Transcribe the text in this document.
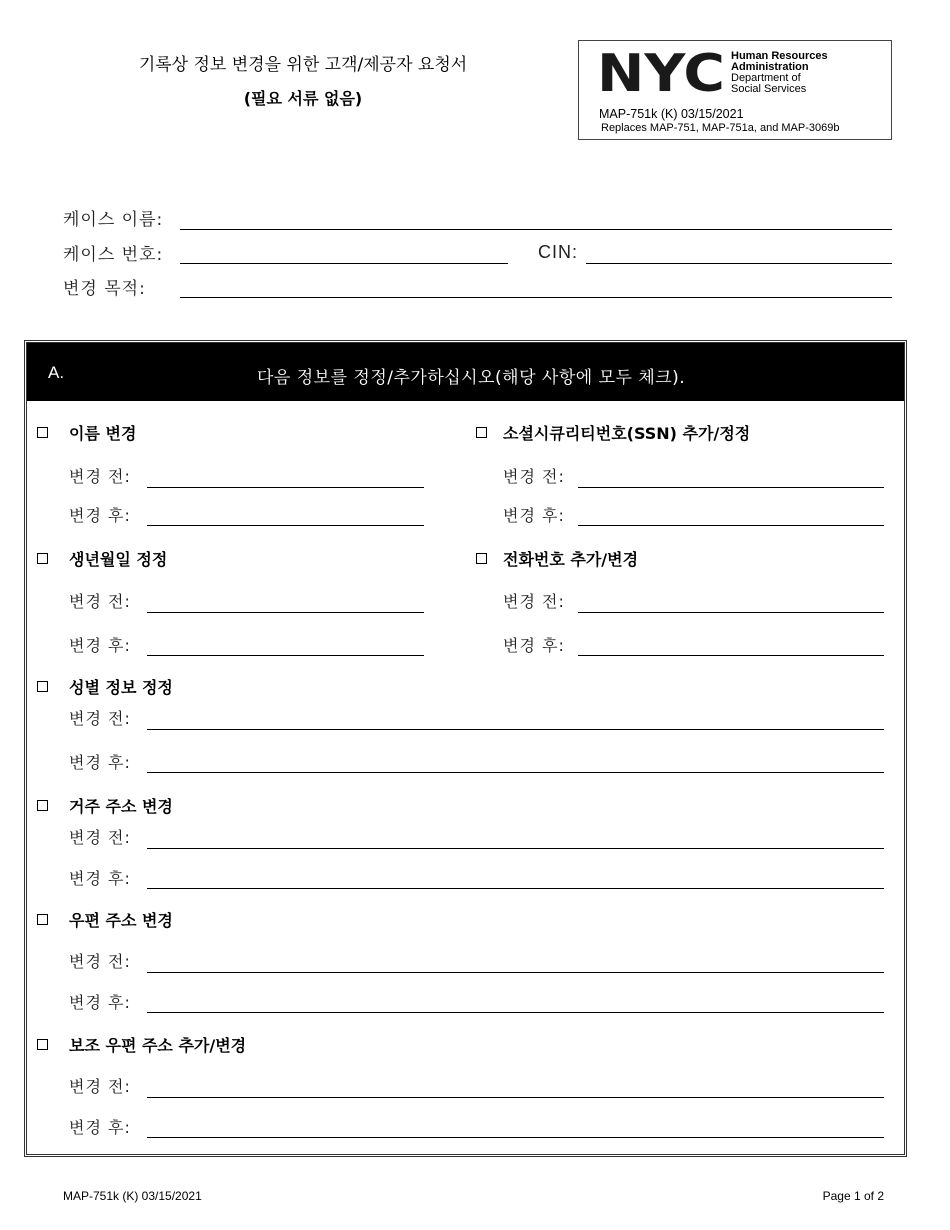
기록상 정보 변경을 위한 고객/제공자 요청서
(필요 서류 없음)	NYC Human Resources
Administration
Department of
Social Services
MAP-751k (K) 03/15/2021
Replaces MAP-751, MAP-751a, and MAP-3069b
케이스 이름:
케이스 번호:	CIN:
변경 목적:
A.	다음 정보를 정정/추가하십시오(해당 사항에 모두 체크).
이름 변경
변경 전:
변경 후:
소셜시큐리티번호(SSN) 추가/정정
변경 전:
변경 후:
생년월일 정정
변경 전:
변경 후:
전화번호 추가/변경
변경 전:
변경 후:
성별 정보 정정
변경 전:
변경 후:
거주 주소 변경
변경 전:
변경 후:
우편 주소 변경
변경 전:
변경 후:
보조 우편 주소 추가/변경
변경 전:
변경 후:
MAP-751k (K) 03/15/2021	Page 1 of 2
